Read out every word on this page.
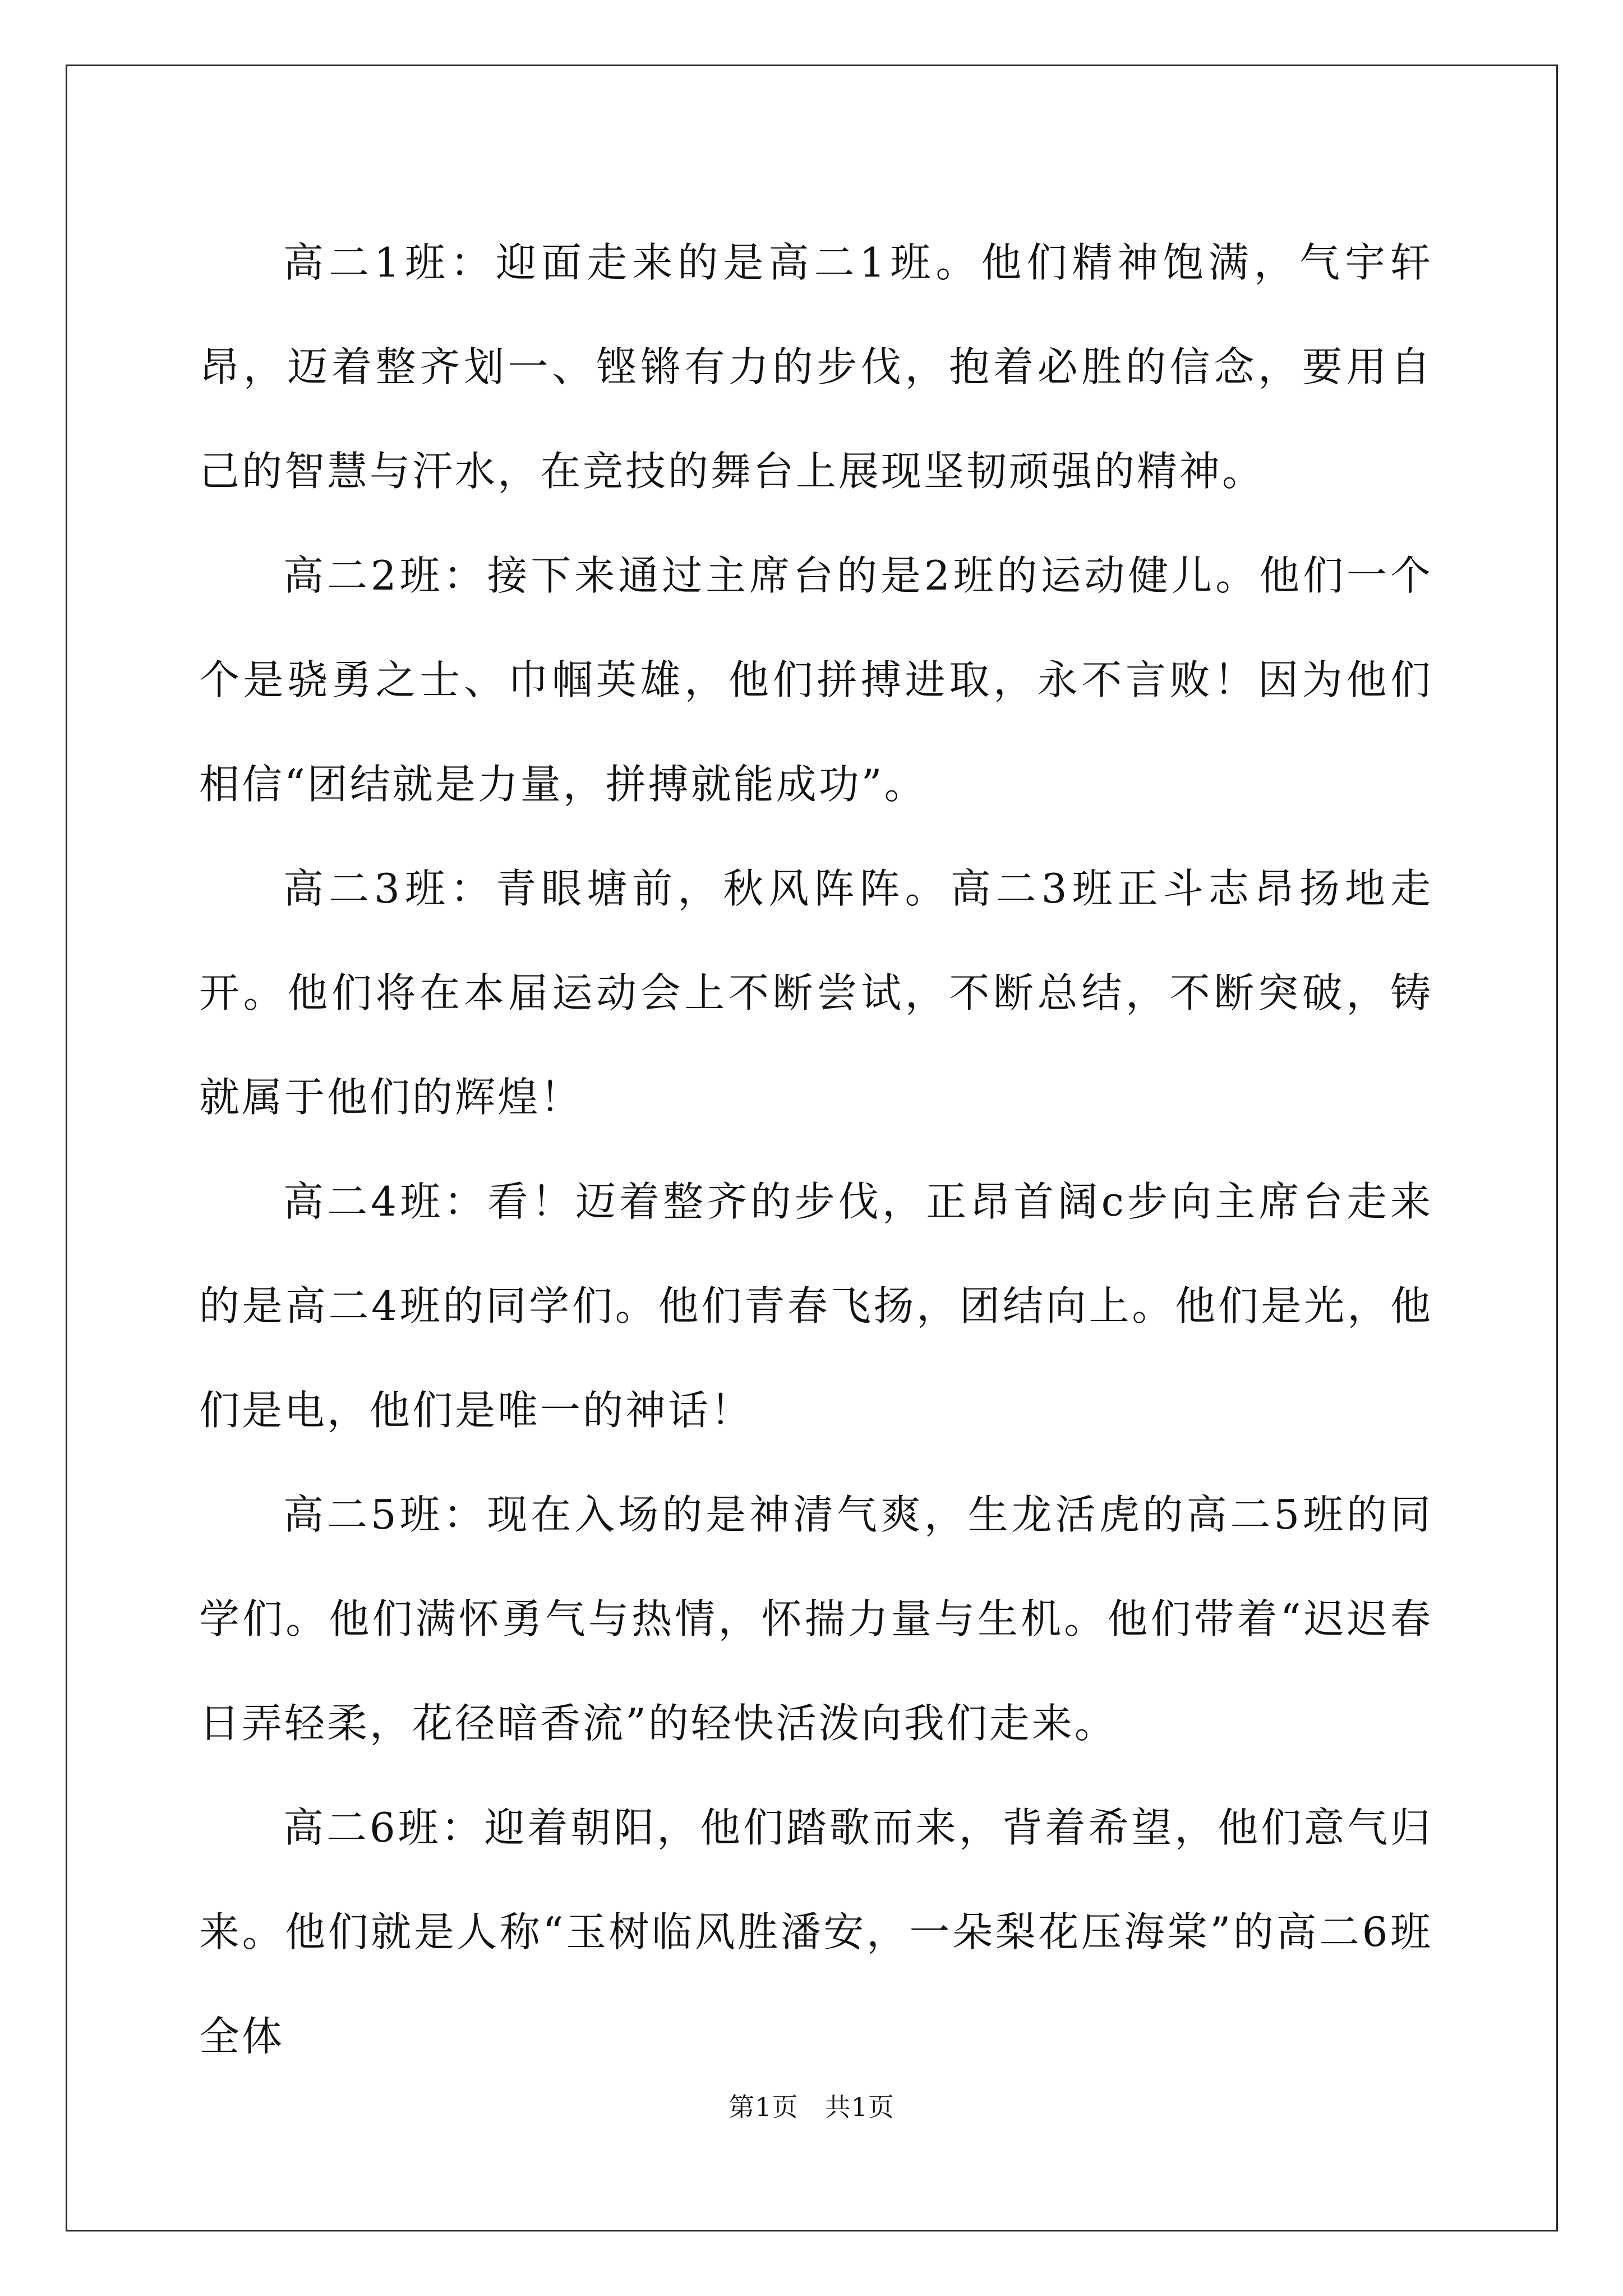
高二1班：迎面走来的是高二1班。他们精神饱满，气宇轩昂，迈着整齐划一、铿锵有力的步伐，抱着必胜的信念，要用自己的智慧与汗水，在竞技的舞台上展现坚韧顽强的精神。

高二2班：接下来通过主席台的是2班的运动健儿。他们一个个是骁勇之士、巾帼英雄，他们拼搏进取，永不言败！因为他们相信“团结就是力量，拼搏就能成功”。

高二3班：青眼塘前，秋风阵阵。高二3班正斗志昂扬地走开。他们将在本届运动会上不断尝试，不断总结，不断突破，铸就属于他们的辉煌！

高二4班：看！迈着整齐的步伐，正昂首阔c步向主席台走来的是高二4班的同学们。他们青春飞扬，团结向上。他们是光，他们是电，他们是唯一的神话！

高二5班：现在入场的是神清气爽，生龙活虎的高二5班的同学们。他们满怀勇气与热情，怀揣力量与生机。他们带着“迟迟春日弄轻柔，花径暗香流”的轻快活泼向我们走来。

高二6班：迎着朝阳，他们踏歌而来，背着希望，他们意气归来。他们就是人称“玉树临风胜潘安，一朵梨花压海棠”的高二6班全体

第1页 共1页
